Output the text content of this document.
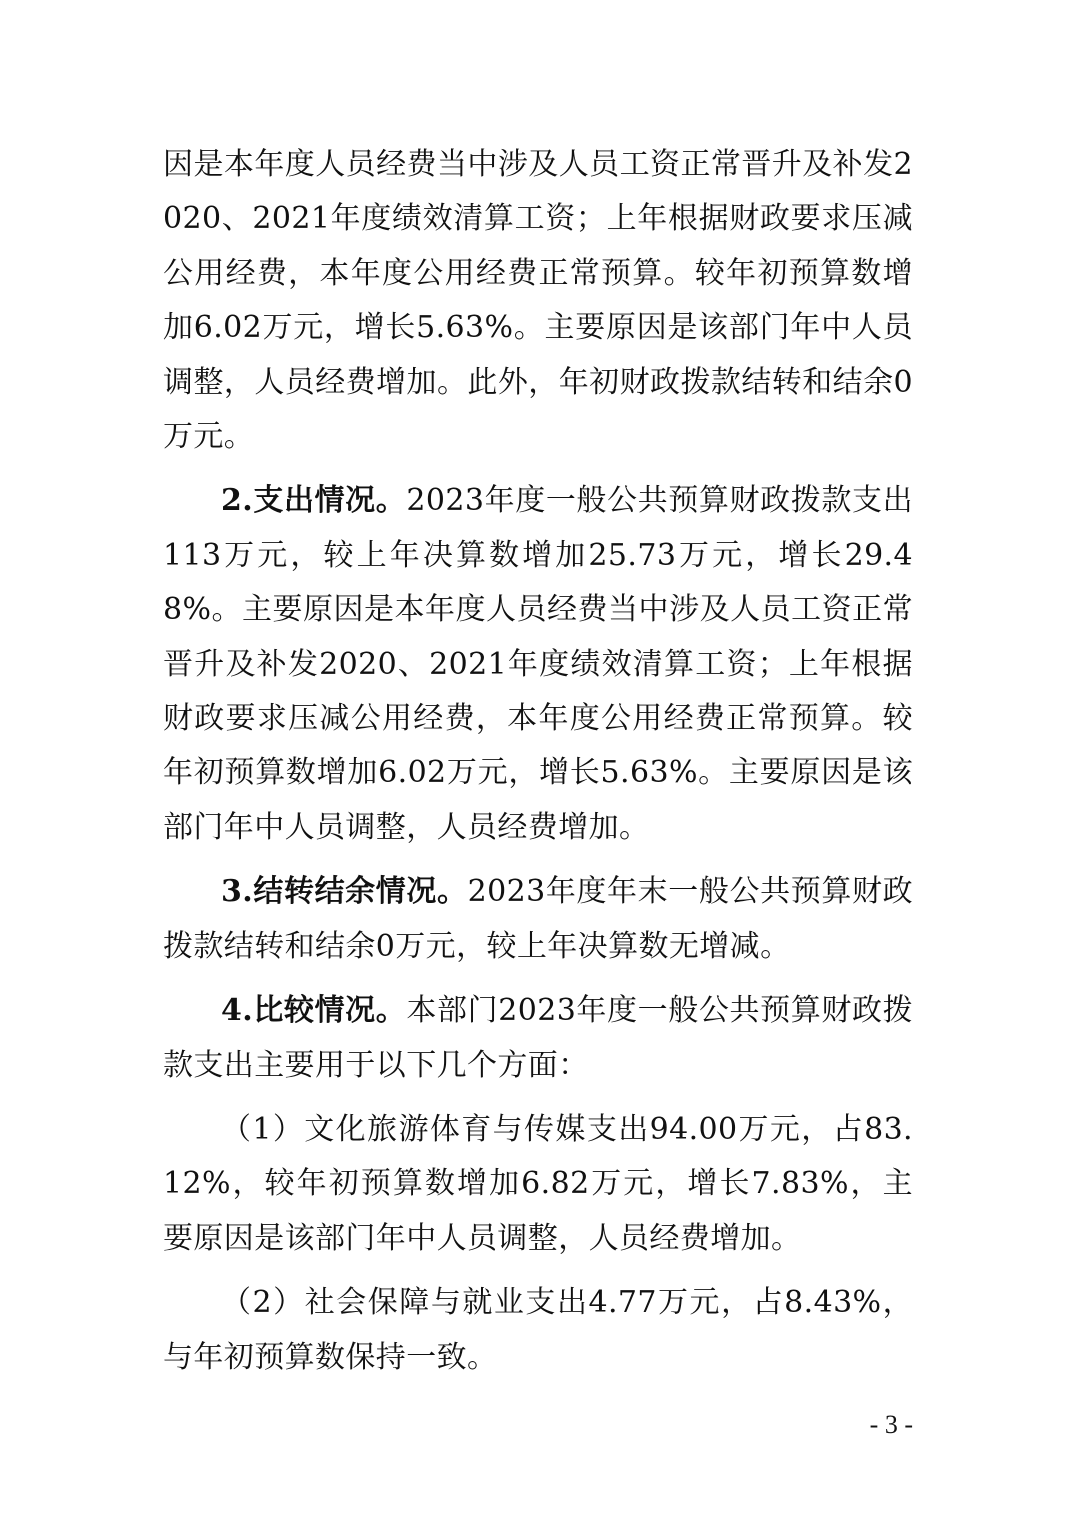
因是本年度人员经费当中涉及人员工资正常晋升及补发2020、2021年度绩效清算工资；上年根据财政要求压减公用经费，本年度公用经费正常预算。较年初预算数增加6.02万元，增长5.63%。主要原因是该部门年中人员调整，人员经费增加。此外，年初财政拨款结转和结余0万元。

2.支出情况。2023年度一般公共预算财政拨款支出113万元，较上年决算数增加25.73万元，增长29.48%。主要原因是本年度人员经费当中涉及人员工资正常晋升及补发2020、2021年度绩效清算工资；上年根据财政要求压减公用经费，本年度公用经费正常预算。较年初预算数增加6.02万元，增长5.63%。主要原因是该部门年中人员调整，人员经费增加。

3.结转结余情况。2023年度年末一般公共预算财政拨款结转和结余0万元，较上年决算数无增减。

4.比较情况。本部门2023年度一般公共预算财政拨款支出主要用于以下几个方面：

（1）文化旅游体育与传媒支出94.00万元，占83.12%，较年初预算数增加6.82万元，增长7.83%，主要原因是该部门年中人员调整，人员经费增加。

（2）社会保障与就业支出4.77万元，占8.43%，与年初预算数保持一致。

- 3 -
